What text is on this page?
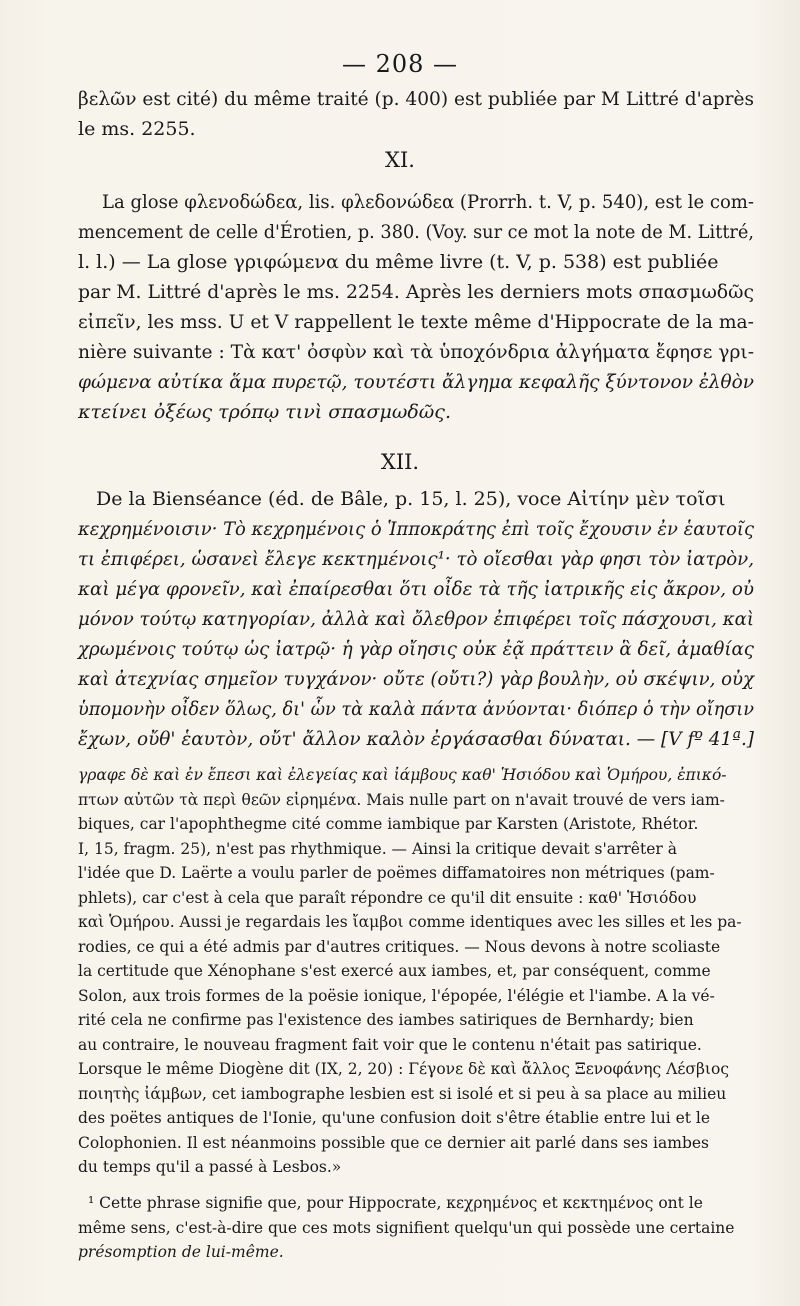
— 208 —
βελῶν est cité) du même traité (p. 400) est publiée par M Littré d'après
le ms. 2255.
XI.
La glose φλενοδώδεα, lis. φλεδονώδεα (Prorrh. t. V, p. 540), est le com-
mencement de celle d'Érotien, p. 380. (Voy. sur ce mot la note de M. Littré,
l. l.) — La glose γριφώμενα du même livre (t. V, p. 538) est publiée
par M. Littré d'après le ms. 2254. Après les derniers mots σπασμωδῶς
εἰπεῖν, les mss. U et V rappellent le texte même d'Hippocrate de la ma-
nière suivante : Τὰ κατ' ὀσφὺν καὶ τὰ ὑποχόνδρια ἀλγήματα ἔφησε γρι-
φώμενα αὐτίκα ἅμα πυρετῷ, τουτέστι ἄλγημα κεφαλῆς ξύντονον ἐλθὸν
κτείνει ὀξέως τρόπῳ τινὶ σπασμωδῶς.
XII.
De la Bienséance (éd. de Bâle, p. 15, l. 25), voce Αἰτίην μὲν τοῖσι
κεχρημένοισιν· Τὸ κεχρημένοις ὁ Ἱπποκράτης ἐπὶ τοῖς ἔχουσιν ἐν ἑαυτοῖς
τι ἐπιφέρει, ὡσανεὶ ἔλεγε κεκτημένοις¹· τὸ οἴεσθαι γὰρ φησι τὸν ἰατρὸν,
καὶ μέγα φρονεῖν, καὶ ἐπαίρεσθαι ὅτι οἶδε τὰ τῆς ἰατρικῆς εἰς ἄκρον, οὐ
μόνον τούτῳ κατηγορίαν, ἀλλὰ καὶ ὄλεθρον ἐπιφέρει τοῖς πάσχουσι, καὶ
χρωμένοις τούτῳ ὡς ἰατρῷ· ἡ γὰρ οἴησις οὐκ ἐᾷ πράττειν ἃ δεῖ, ἀμαθίας
καὶ ἀτεχνίας σημεῖον τυγχάνον· οὔτε (οὔτι?) γὰρ βουλὴν, οὐ σκέψιν, οὐχ
ὑπομονὴν οἶδεν ὅλως, δι' ὧν τὰ καλὰ πάντα ἀνύονται· διόπερ ὁ τὴν οἴησιν
ἔχων, οὔθ' ἑαυτὸν, οὔτ' ἄλλον καλὸν ἐργάσασθαι δύναται. — [V fº 41ª.]
γραφε δὲ καὶ ἐν ἔπεσι καὶ ἐλεγείας καὶ ἰάμβους καθ' Ἡσιόδου καὶ Ὁμήρου, ἐπικό-
πτων αὐτῶν τὰ περὶ θεῶν εἰρημένα. Mais nulle part on n'avait trouvé de vers iam-
biques, car l'apophthegme cité comme iambique par Karsten (Aristote, Rhétor.
I, 15, fragm. 25), n'est pas rhythmique. — Ainsi la critique devait s'arrêter à
l'idée que D. Laërte a voulu parler de poëmes diffamatoires non métriques (pam-
phlets), car c'est à cela que paraît répondre ce qu'il dit ensuite : καθ' Ἡσιόδου
καὶ Ὁμήρου. Aussi je regardais les ἴαμβοι comme identiques avec les silles et les pa-
rodies, ce qui a été admis par d'autres critiques. — Nous devons à notre scoliaste
la certitude que Xénophane s'est exercé aux iambes, et, par conséquent, comme
Solon, aux trois formes de la poësie ionique, l'épopée, l'élégie et l'iambe. A la vé-
rité cela ne confirme pas l'existence des iambes satiriques de Bernhardy; bien
au contraire, le nouveau fragment fait voir que le contenu n'était pas satirique.
Lorsque le même Diogène dit (IX, 2, 20) : Γέγονε δὲ καὶ ἄλλος Ξενοφάνης Λέσβιος
ποιητὴς ἰάμβων, cet iambographe lesbien est si isolé et si peu à sa place au milieu
des poëtes antiques de l'Ionie, qu'une confusion doit s'être établie entre lui et le
Colophonien. Il est néanmoins possible que ce dernier ait parlé dans ses iambes
du temps qu'il a passé à Lesbos.»
¹ Cette phrase signifie que, pour Hippocrate, κεχρημένος et κεκτημένος ont le
même sens, c'est-à-dire que ces mots signifient quelqu'un qui possède une certaine
présomption de lui-même.
